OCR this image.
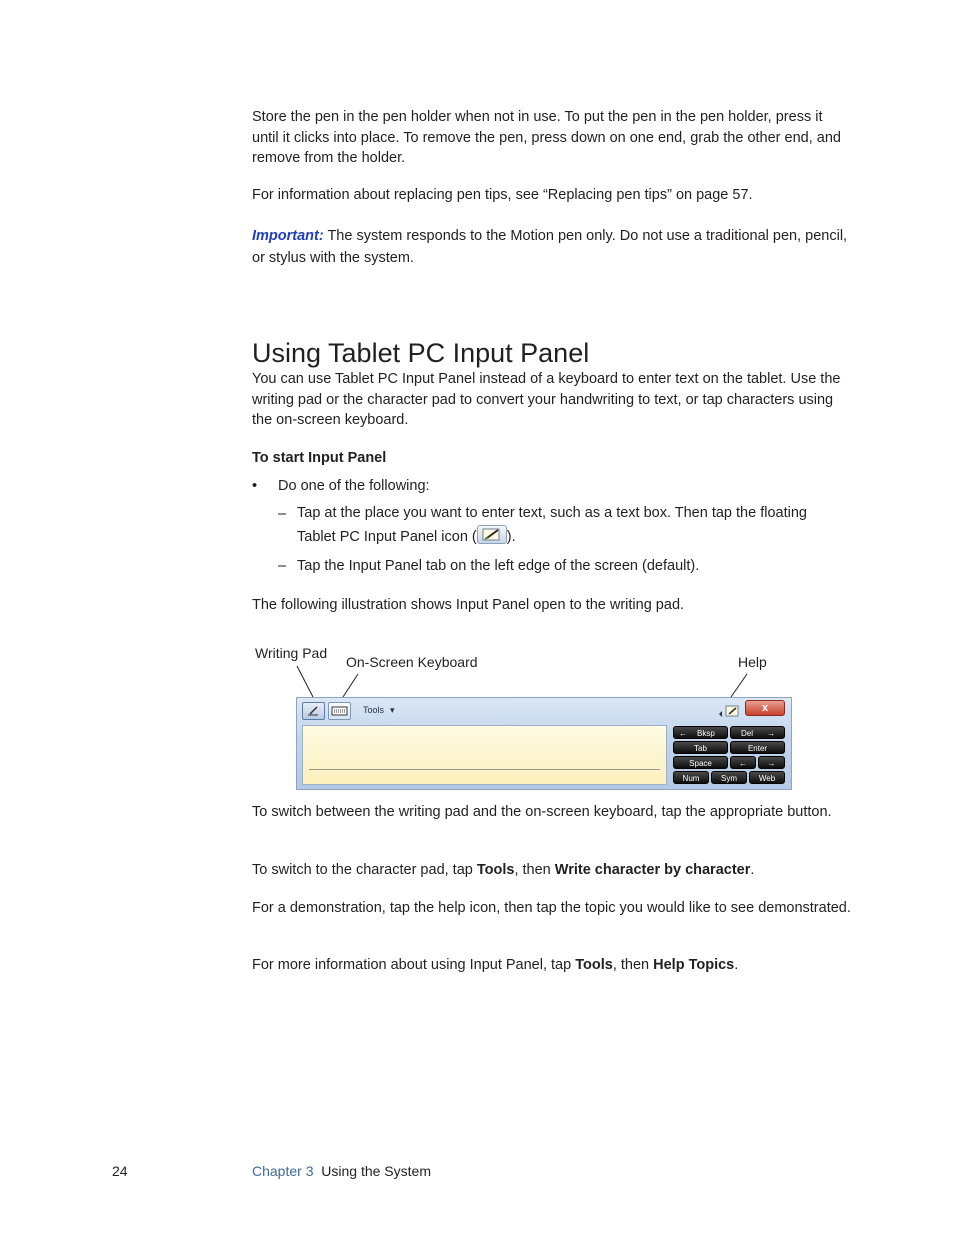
Store the pen in the pen holder when not in use. To put the pen in the pen holder, press it until it clicks into place. To remove the pen, press down on one end, grab the other end, and remove from the holder.

For information about replacing pen tips, see “Replacing pen tips” on page 57.

Important: The system responds to the Motion pen only. Do not use a traditional pen, pencil, or stylus with the system.

Using Tablet PC Input Panel

You can use Tablet PC Input Panel instead of a keyboard to enter text on the tablet. Use the writing pad or the character pad to convert your handwriting to text, or tap characters using the on-screen keyboard.

To start Input Panel

• Do one of the following:
– Tap at the place you want to enter text, such as a text box. Then tap the floating Tablet PC Input Panel icon ( ).
– Tap the Input Panel tab on the left edge of the screen (default).

The following illustration shows Input Panel open to the writing pad.

Writing Pad
On-Screen Keyboard	Help
Tools ▾	x
← Bksp	Del →
Tab	Enter
Space	←	→
Num	Sym	Web

To switch between the writing pad and the on-screen keyboard, tap the appropriate button.

To switch to the character pad, tap Tools, then Write character by character.

For a demonstration, tap the help icon, then tap the topic you would like to see demonstrated.

For more information about using Input Panel, tap Tools, then Help Topics.

24	Chapter 3 Using the System
